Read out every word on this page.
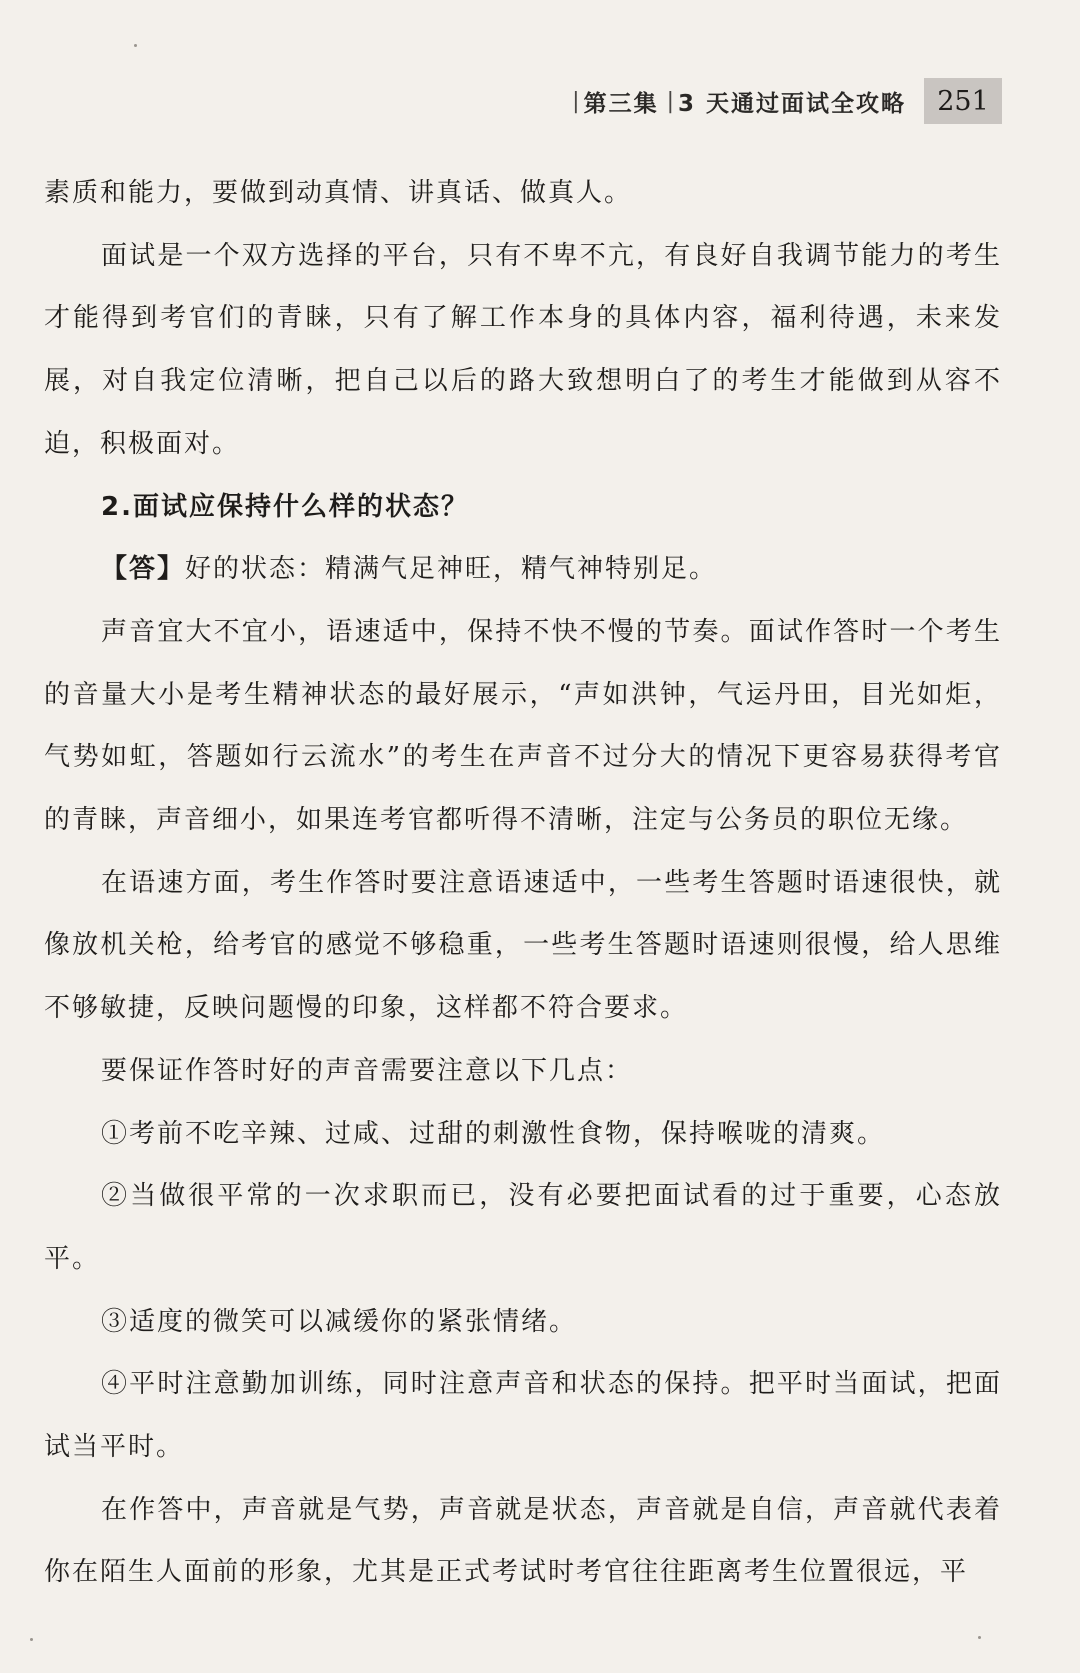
| 第三集 | 3 天通过面试全攻略	251

素质和能力，要做到动真情、讲真话、做真人。

面试是一个双方选择的平台，只有不卑不亢，有良好自我调节能力的考生才能得到考官们的青睐，只有了解工作本身的具体内容，福利待遇，未来发展，对自我定位清晰，把自己以后的路大致想明白了的考生才能做到从容不迫，积极面对。

2.面试应保持什么样的状态？

【答】好的状态：精满气足神旺，精气神特别足。

声音宜大不宜小，语速适中，保持不快不慢的节奏。面试作答时一个考生的音量大小是考生精神状态的最好展示，“声如洪钟，气运丹田，目光如炬，气势如虹，答题如行云流水”的考生在声音不过分大的情况下更容易获得考官的青睐，声音细小，如果连考官都听得不清晰，注定与公务员的职位无缘。

在语速方面，考生作答时要注意语速适中，一些考生答题时语速很快，就像放机关枪，给考官的感觉不够稳重，一些考生答题时语速则很慢，给人思维不够敏捷，反映问题慢的印象，这样都不符合要求。

要保证作答时好的声音需要注意以下几点：

①考前不吃辛辣、过咸、过甜的刺激性食物，保持喉咙的清爽。

②当做很平常的一次求职而已，没有必要把面试看的过于重要，心态放平。

③适度的微笑可以减缓你的紧张情绪。

④平时注意勤加训练，同时注意声音和状态的保持。把平时当面试，把面试当平时。

在作答中，声音就是气势，声音就是状态，声音就是自信，声音就代表着你在陌生人面前的形象，尤其是正式考试时考官往往距离考生位置很远，平
